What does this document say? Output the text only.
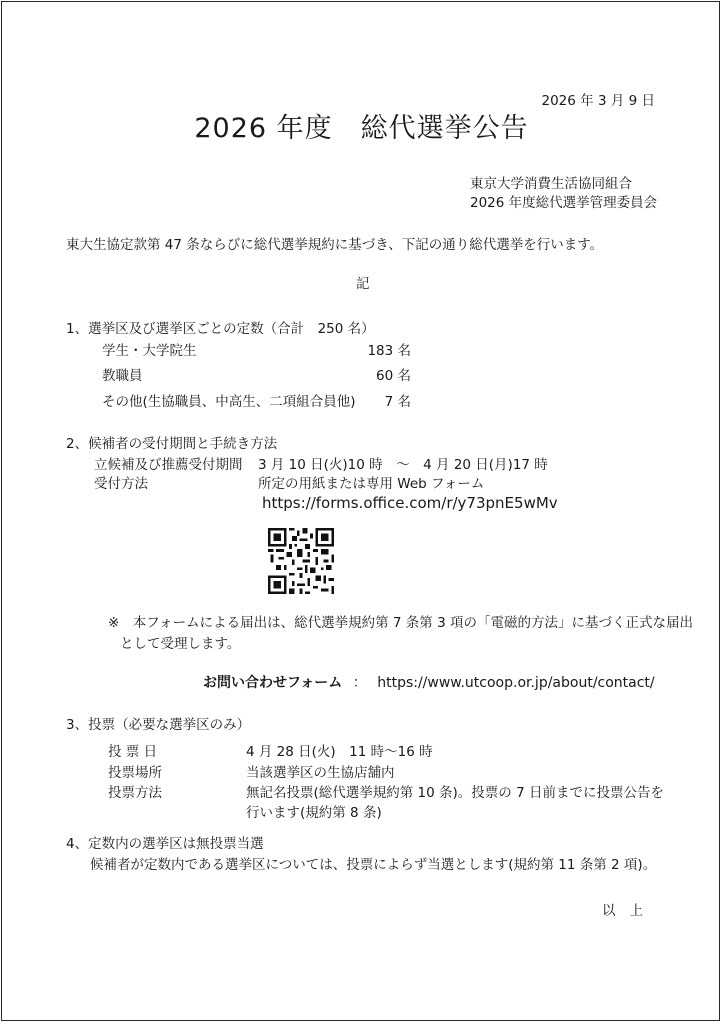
2026 年 3 月 9 日
2026 年度　総代選挙公告
東京大学消費生活協同組合
2026 年度総代選挙管理委員会
東大生協定款第 47 条ならびに総代選挙規約に基づき、下記の通り総代選挙を行います。
記
1、選挙区及び選挙区ごとの定数（合計　250 名）
学生・大学院生	183 名
教職員	60 名
その他(生協職員、中高生、二項組合員他) 7 名
2、候補者の受付期間と手続き方法
立候補及び推薦受付期間 3 月 10 日(火)10 時　～　4 月 20 日(月)17 時
受付方法	所定の用紙または専用 Web フォーム
https://forms.office.com/r/y73pnE5wMv
※　本フォームによる届出は、総代選挙規約第 7 条第 3 項の「電磁的方法」に基づく正式な届出
として受理します。
お問い合わせフォーム ： https://www.utcoop.or.jp/about/contact/
3、投票（必要な選挙区のみ）
投 票 日	4 月 28 日(火)　11 時～16 時
投票場所	当該選挙区の生協店舗内
投票方法	無記名投票(総代選挙規約第 10 条)。投票の 7 日前までに投票公告を
行います(規約第 8 条)
4、定数内の選挙区は無投票当選
候補者が定数内である選挙区については、投票によらず当選とします(規約第 11 条第 2 項)。
以上
